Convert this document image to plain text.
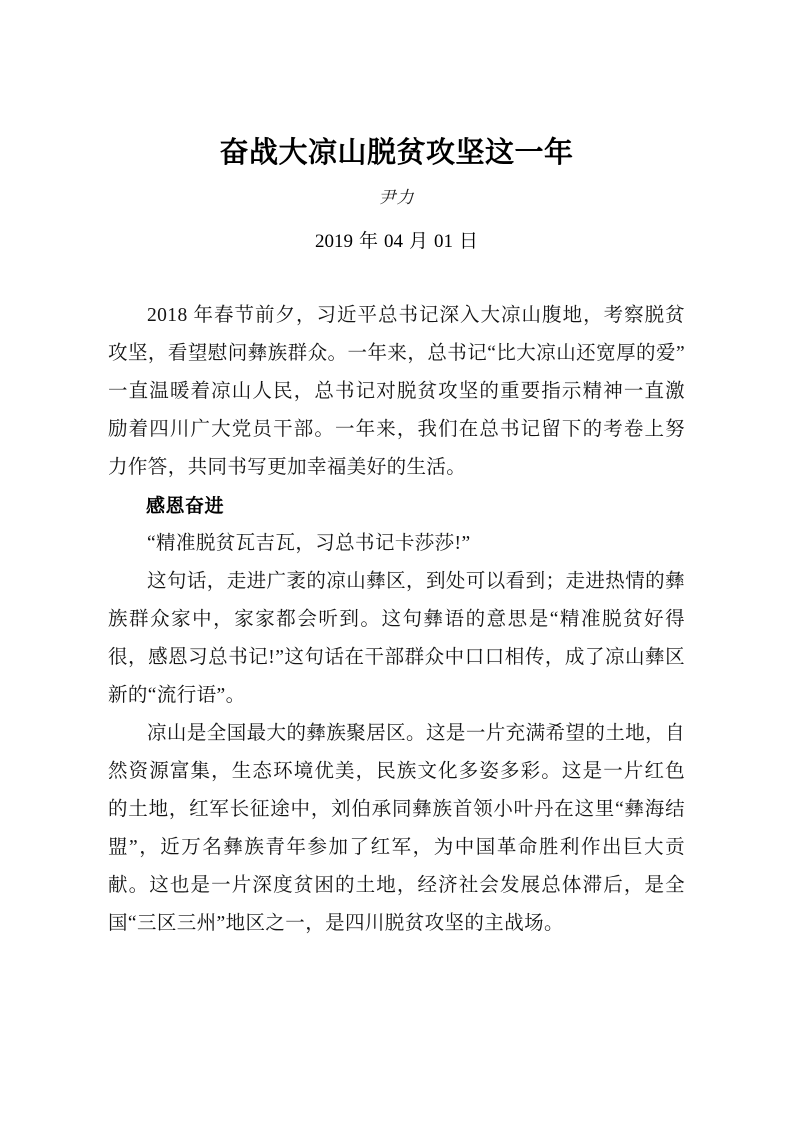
奋战大凉山脱贫攻坚这一年
尹力
2019 年 04 月 01 日

2018 年春节前夕，习近平总书记深入大凉山腹地，考察脱贫攻坚，看望慰问彝族群众。一年来，总书记“比大凉山还宽厚的爱”一直温暖着凉山人民，总书记对脱贫攻坚的重要指示精神一直激励着四川广大党员干部。一年来，我们在总书记留下的考卷上努力作答，共同书写更加幸福美好的生活。

感恩奋进

“精准脱贫瓦吉瓦，习总书记卡莎莎!”

这句话，走进广袤的凉山彝区，到处可以看到；走进热情的彝族群众家中，家家都会听到。这句彝语的意思是“精准脱贫好得很，感恩习总书记!”这句话在干部群众中口口相传，成了凉山彝区新的“流行语”。

凉山是全国最大的彝族聚居区。这是一片充满希望的土地，自然资源富集，生态环境优美，民族文化多姿多彩。这是一片红色的土地，红军长征途中，刘伯承同彝族首领小叶丹在这里“彝海结盟”，近万名彝族青年参加了红军，为中国革命胜利作出巨大贡献。这也是一片深度贫困的土地，经济社会发展总体滞后，是全国“三区三州”地区之一，是四川脱贫攻坚的主战场。
